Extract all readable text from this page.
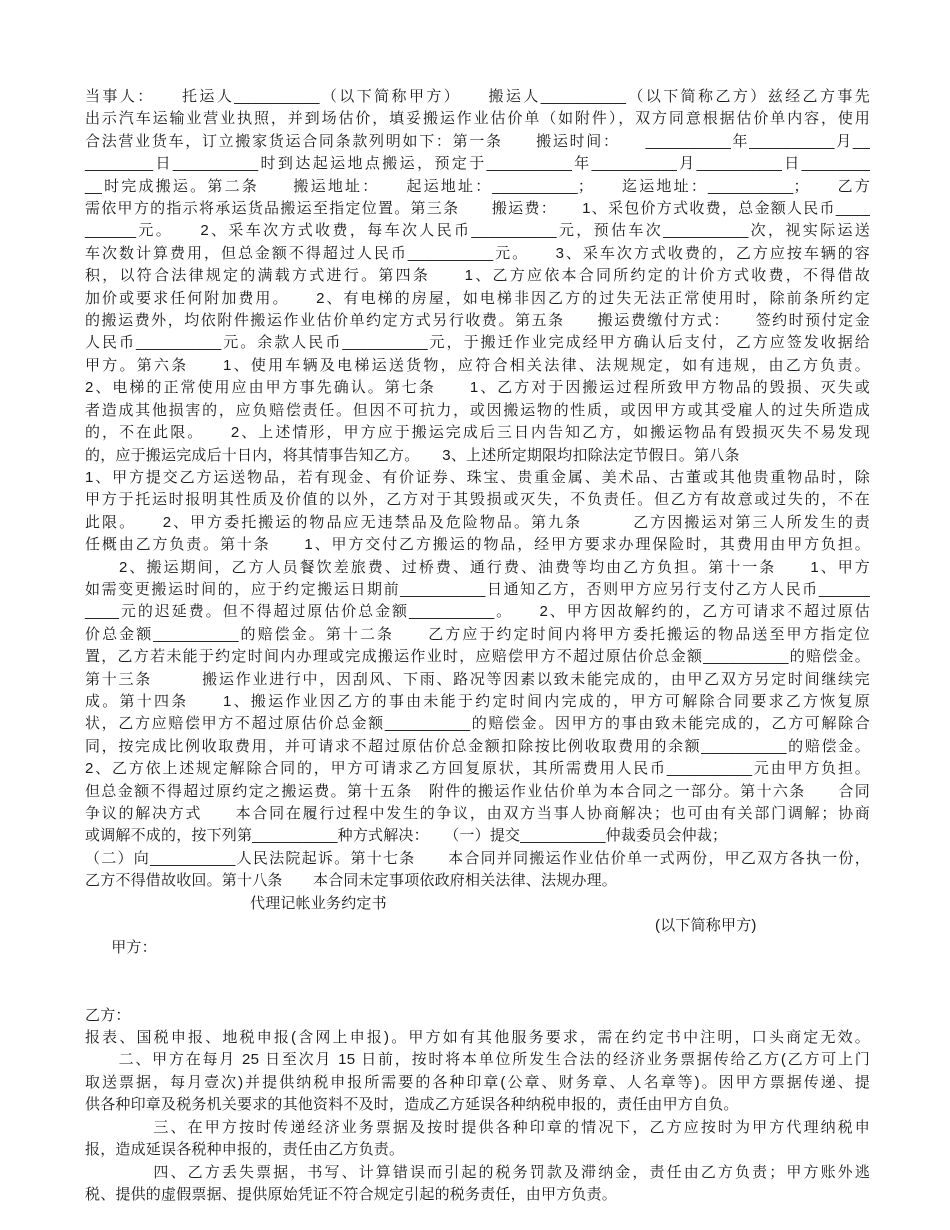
当事人：　　托运人__________（以下简称甲方）　　搬运人__________（以下简称乙方）兹经乙方事先
出示汽车运输业营业执照，并到场估价，填妥搬运作业估价单（如附件），双方同意根据估价单内容，使用
合法营业货车，订立搬家货运合同条款列明如下：第一条　　搬运时间：　　__________年__________月__
________日__________时到达起运地点搬运，预定于__________年__________月__________日________
__时完成搬运。第二条　　搬运地址：　　起运地址：__________；　　迄运地址：__________；　　乙方
需依甲方的指示将承运货品搬运至指定位置。第三条　　搬运费：　　1、采包价方式收费，总金额人民币____
______元。　　2、采车次方式收费，每车次人民币__________元，预估车次__________次，视实际运送
车次数计算费用，但总金额不得超过人民币__________元。　　3、采车次方式收费的，乙方应按车辆的容
积，以符合法律规定的满载方式进行。第四条　　1、乙方应依本合同所约定的计价方式收费，不得借故
加价或要求任何附加费用。　　2、有电梯的房屋，如电梯非因乙方的过失无法正常使用时，除前条所约定
的搬运费外，均依附件搬运作业估价单约定方式另行收费。第五条　　搬运费缴付方式：　　签约时预付定金
人民币__________元。余款人民币__________元，于搬迁作业完成经甲方确认后支付，乙方应签发收据给
甲方。第六条　　1、使用车辆及电梯运送货物，应符合相关法律、法规规定，如有违规，由乙方负责。
2、电梯的正常使用应由甲方事先确认。第七条　　1、乙方对于因搬运过程所致甲方物品的毁损、灭失或
者造成其他损害的，应负赔偿责任。但因不可抗力，或因搬运物的性质，或因甲方或其受雇人的过失所造成
的，不在此限。　　2、上述情形，甲方应于搬运完成后三日内告知乙方，如搬运物品有毁损灭失不易发现
的，应于搬运完成后十日内，将其情事告知乙方。　　3、上述所定期限均扣除法定节假日。第八条
1、甲方提交乙方运送物品，若有现金、有价证券、珠宝、贵重金属、美术品、古董或其他贵重物品时，除
甲方于托运时报明其性质及价值的以外，乙方对于其毁损或灭失，不负责任。但乙方有故意或过失的，不在
此限。　　2、甲方委托搬运的物品应无违禁品及危险物品。第九条　　　乙方因搬运对第三人所发生的责
任概由乙方负责。第十条　　1、甲方交付乙方搬运的物品，经甲方要求办理保险时，其费用由甲方负担。
　　2、搬运期间，乙方人员餐饮差旅费、过桥费、通行费、油费等均由乙方负担。第十一条　　1、甲方
如需变更搬运时间的，应于约定搬运日期前__________日通知乙方，否则甲方应另行支付乙方人民币______
____元的迟延费。但不得超过原估价总金额__________。　　2、甲方因故解约的，乙方可请求不超过原估
价总金额__________的赔偿金。第十二条　　乙方应于约定时间内将甲方委托搬运的物品送至甲方指定位
置，乙方若未能于约定时间内办理或完成搬运作业时，应赔偿甲方不超过原估价总金额__________的赔偿金。
第十三条　　　搬运作业进行中，因刮风、下雨、路况等因素以致未能完成的，由甲乙双方另定时间继续完
成。第十四条　　1、搬运作业因乙方的事由未能于约定时间内完成的，甲方可解除合同要求乙方恢复原
状，乙方应赔偿甲方不超过原估价总金额__________的赔偿金。因甲方的事由致未能完成的，乙方可解除合
同，按完成比例收取费用，并可请求不超过原估价总金额扣除按比例收取费用的余额__________的赔偿金。
2、乙方依上述规定解除合同的，甲方可请求乙方回复原状，其所需费用人民币__________元由甲方负担。
但总金额不得超过原约定之搬运费。第十五条　附件的搬运作业估价单为本合同之一部分。第十六条　　合同
争议的解决方式　　本合同在履行过程中发生的争议，由双方当事人协商解决；也可由有关部门调解；协商
或调解不成的，按下列第__________种方式解决：　　（一）提交__________仲裁委员会仲裁；
（二）向__________人民法院起诉。第十七条　　本合同并同搬运作业估价单一式两份，甲乙双方各执一份，
乙方不得借故收回。第十八条　　本合同未定事项依政府相关法律、法规办理。
代理记帐业务约定书

甲方：

(以下简称甲方)

乙方：
报表、国税申报、地税申报(含网上申报)。甲方如有其他服务要求，需在约定书中注明，口头商定无效。
　　二、甲方在每月 25 日至次月 15 日前，按时将本单位所发生合法的经济业务票据传给乙方(乙方可上门
取送票据，每月壹次)并提供纳税申报所需要的各种印章(公章、财务章、人名章等)。因甲方票据传递、提
供各种印章及税务机关要求的其他资料不及时，造成乙方延误各种纳税申报的，责任由甲方自负。
　　　　三、在甲方按时传递经济业务票据及按时提供各种印章的情况下，乙方应按时为甲方代理纳税申
报，造成延误各税种申报的，责任由乙方负责。
　　　　四、乙方丢失票据，书写、计算错误而引起的税务罚款及滞纳金，责任由乙方负责；甲方账外逃
税、提供的虚假票据、提供原始凭证不符合规定引起的税务责任，由甲方负责。
